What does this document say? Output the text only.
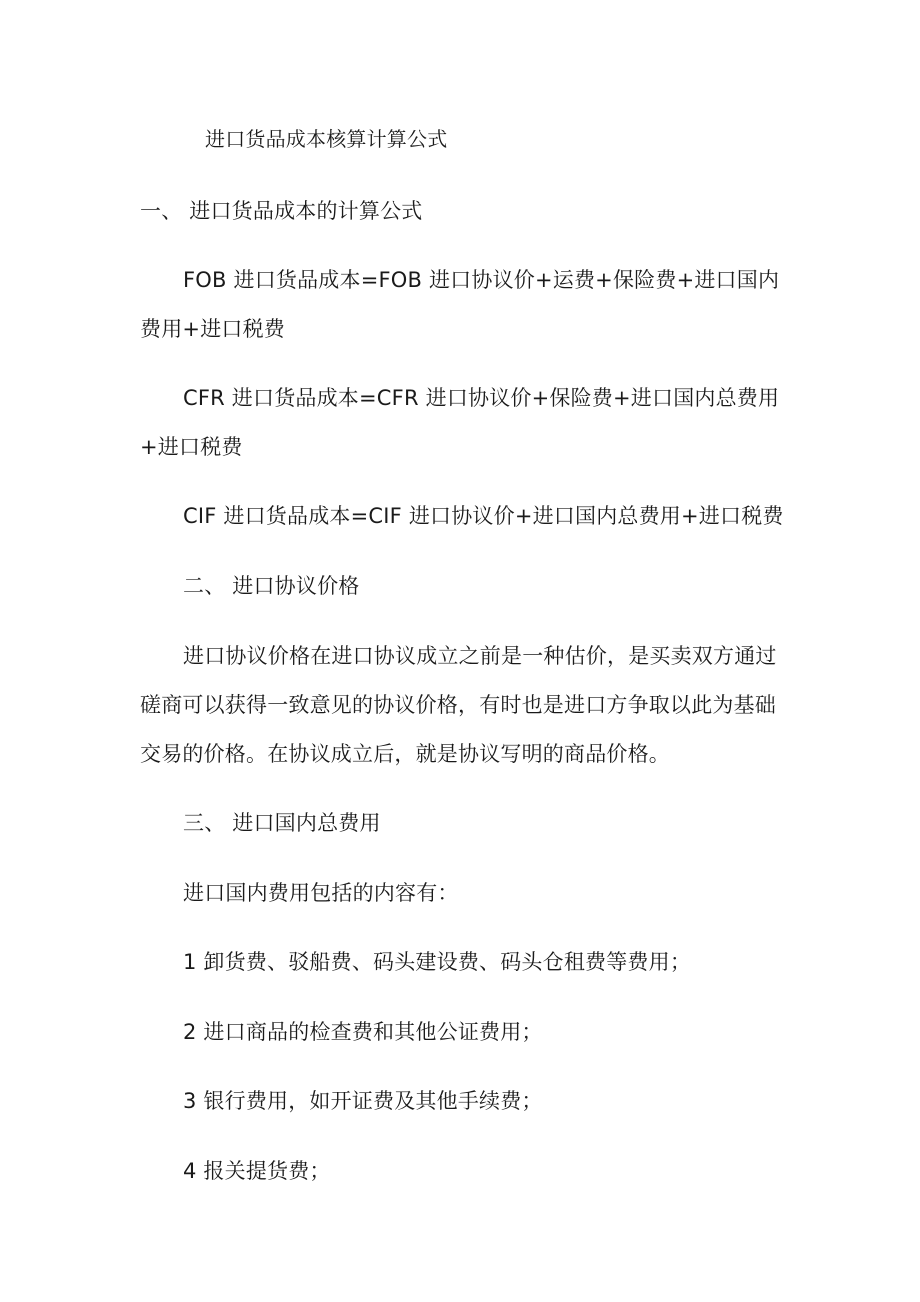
进口货品成本核算计算公式
一、 进口货品成本的计算公式
FOB 进口货品成本=FOB 进口协议价+运费+保险费+进口国内
费用+进口税费
CFR 进口货品成本=CFR 进口协议价+保险费+进口国内总费用
+进口税费
CIF 进口货品成本=CIF 进口协议价+进口国内总费用+进口税费
二、 进口协议价格
进口协议价格在进口协议成立之前是一种估价，是买卖双方通过
磋商可以获得一致意见的协议价格，有时也是进口方争取以此为基础
交易的价格。在协议成立后，就是协议写明的商品价格。
三、 进口国内总费用
进口国内费用包括的内容有：
1 卸货费、驳船费、码头建设费、码头仓租费等费用；
2 进口商品的检查费和其他公证费用；
3 银行费用，如开证费及其他手续费；
4 报关提货费；
